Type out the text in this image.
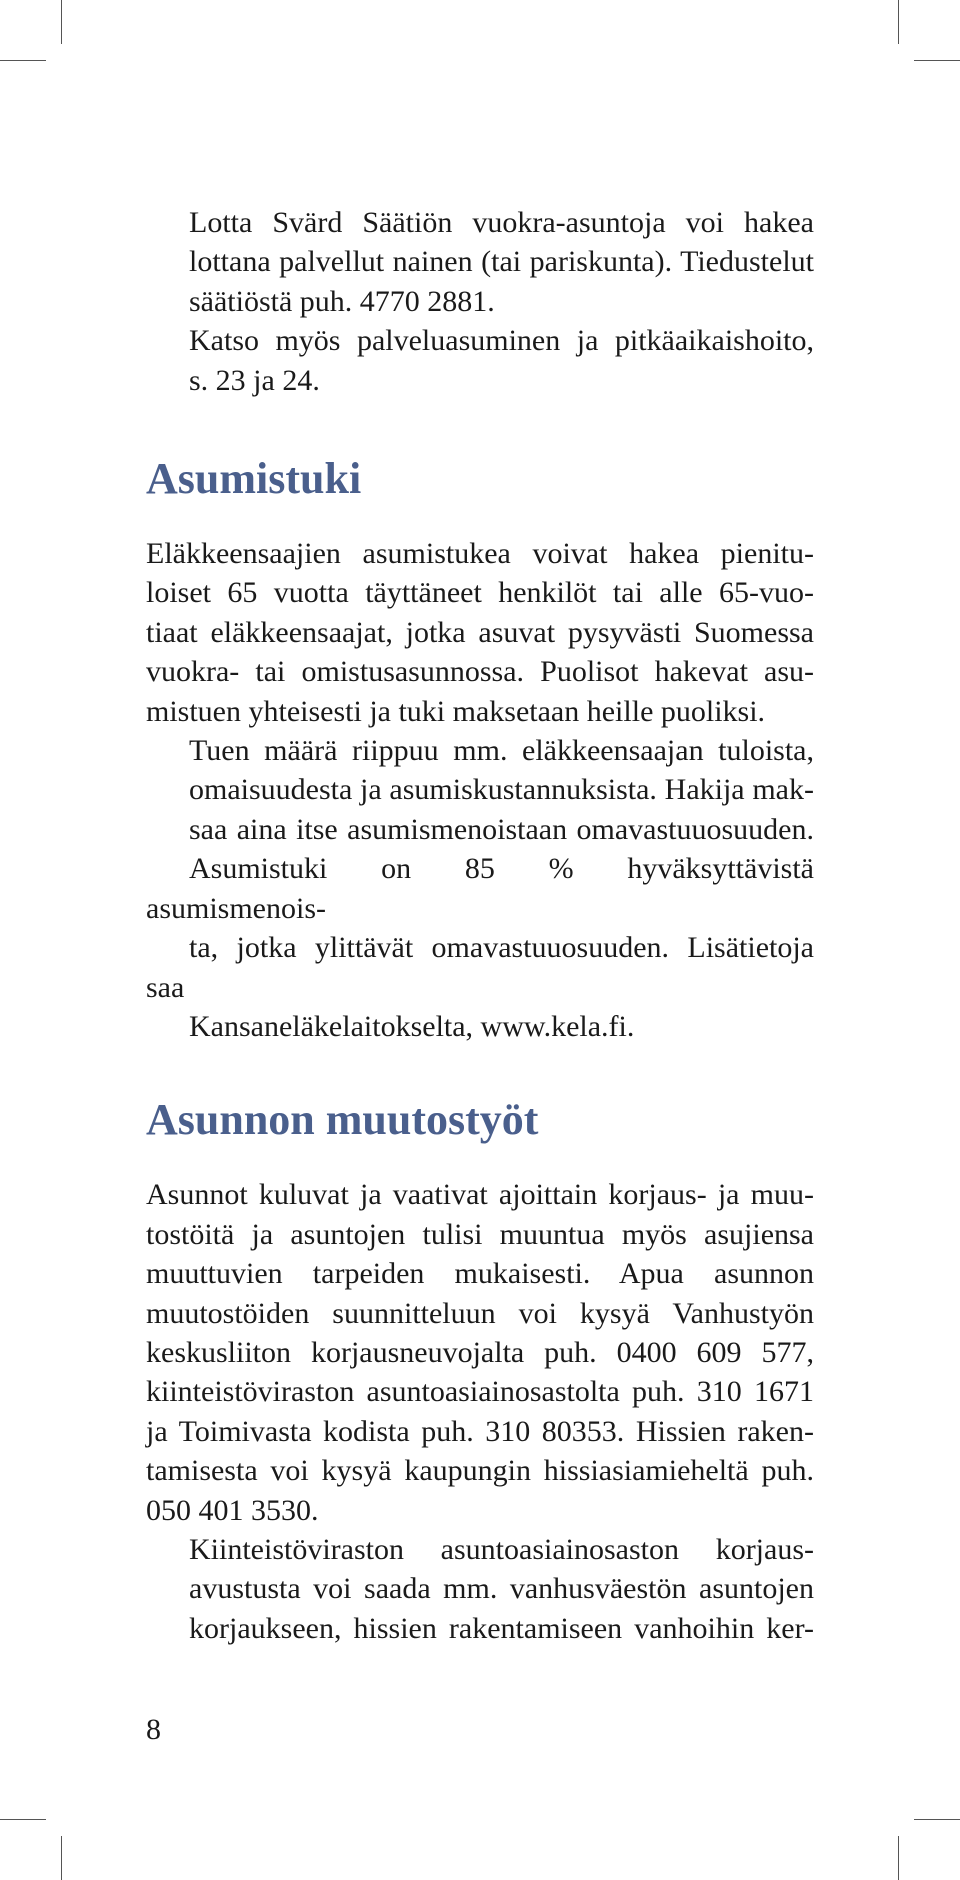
Lotta Svärd Säätiön vuokra-asuntoja voi hakea
lottana palvellut nainen (tai pariskunta). Tiedustelut
säätiöstä puh. 4770 2881.

Katso myös palveluasuminen ja pitkäaikaishoito,
s. 23 ja 24.

Asumistuki

Eläkkeensaajien asumistukea voivat hakea pienitu-
loiset 65 vuotta täyttäneet henkilöt tai alle 65-vuo-
tiaat eläkkeensaajat, jotka asuvat pysyvästi Suomessa
vuokra- tai omistusasunnossa. Puolisot hakevat asu-
mistuen yhteisesti ja tuki maksetaan heille puoliksi.

Tuen määrä riippuu mm. eläkkeensaajan tuloista,
omaisuudesta ja asumiskustannuksista. Hakija mak-
saa aina itse asumismenoistaan omavastuuosuuden.
Asumistuki on 85 % hyväksyttävistä asumismenois-
ta, jotka ylittävät omavastuuosuuden. Lisätietoja saa
Kansaneläkelaitokselta, www.kela.fi.

Asunnon muutostyöt

Asunnot kuluvat ja vaativat ajoittain korjaus- ja muu-
tostöitä ja asuntojen tulisi muuntua myös asujiensa
muuttuvien tarpeiden mukaisesti. Apua asunnon
muutostöiden suunnitteluun voi kysyä Vanhustyön
keskusliiton korjausneuvojalta puh. 0400 609 577,
kiinteistöviraston asuntoasiainosastolta puh. 310 1671
ja Toimivasta kodista puh. 310 80353. Hissien raken-
tamisesta voi kysyä kaupungin hissiasiamieheltä puh.
050 401 3530.

Kiinteistöviraston asuntoasiainosaston korjaus-
avustusta voi saada mm. vanhusväestön asuntojen
korjaukseen, hissien rakentamiseen vanhoihin ker-

8
